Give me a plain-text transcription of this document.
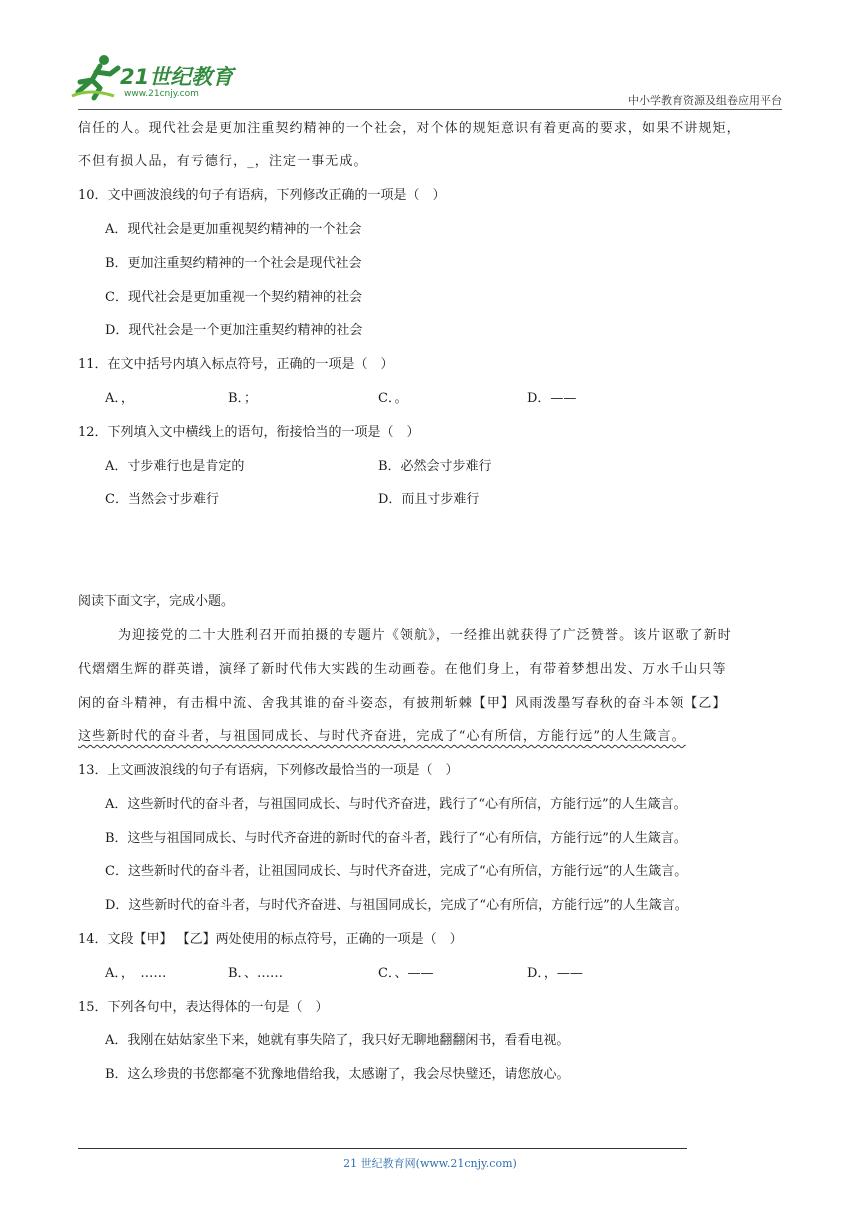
21世纪教育
www.21cnjy.com	中小学教育资源及组卷应用平台
信任的人。现代社会是更加注重契约精神的一个社会，对个体的规矩意识有着更高的要求，如果不讲规矩，
不但有损人品，有亏德行，_，注定一事无成。
10．文中画波浪线的句子有语病，下列修改正确的一项是（　）
A．现代社会是更加重视契约精神的一个社会
B．更加注重契约精神的一个社会是现代社会
C．现代社会是更加重视一个契约精神的社会
D．现代社会是一个更加注重契约精神的社会
11．在文中括号内填入标点符号，正确的一项是（　）
A．，	B．；	C．。	D．——
12．下列填入文中横线上的语句，衔接恰当的一项是（　）
A．寸步难行也是肯定的	B．必然会寸步难行
C．当然会寸步难行	D．而且寸步难行
阅读下面文字，完成小题。
为迎接党的二十大胜利召开而拍摄的专题片《领航》，一经推出就获得了广泛赞誉。该片讴歌了新时
代熠熠生辉的群英谱，演绎了新时代伟大实践的生动画卷。在他们身上，有带着梦想出发、万水千山只等
闲的奋斗精神，有击楫中流、舍我其谁的奋斗姿态，有披荆斩棘【甲】风雨泼墨写春秋的奋斗本领【乙】
这些新时代的奋斗者，与祖国同成长、与时代齐奋进，完成了“心有所信，方能行远”的人生箴言。
13．上文画波浪线的句子有语病，下列修改最恰当的一项是（　）
A．这些新时代的奋斗者，与祖国同成长、与时代齐奋进，践行了“心有所信，方能行远”的人生箴言。
B．这些与祖国同成长、与时代齐奋进的新时代的奋斗者，践行了“心有所信，方能行远”的人生箴言。
C．这些新时代的奋斗者，让祖国同成长、与时代齐奋进，完成了“心有所信，方能行远”的人生箴言。
D．这些新时代的奋斗者，与时代齐奋进、与祖国同成长，完成了“心有所信，方能行远”的人生箴言。
14．文段【甲】 【乙】两处使用的标点符号，正确的一项是（　）
A．，　……	B．、……	C．、——	D．，——
15．下列各句中，表达得体的一句是（　）
A．我刚在姑姑家坐下来，她就有事失陪了，我只好无聊地翻翻闲书，看看电视。
B．这么珍贵的书您都毫不犹豫地借给我，太感谢了，我会尽快璧还，请您放心。
21 世纪教育网(www.21cnjy.com)
